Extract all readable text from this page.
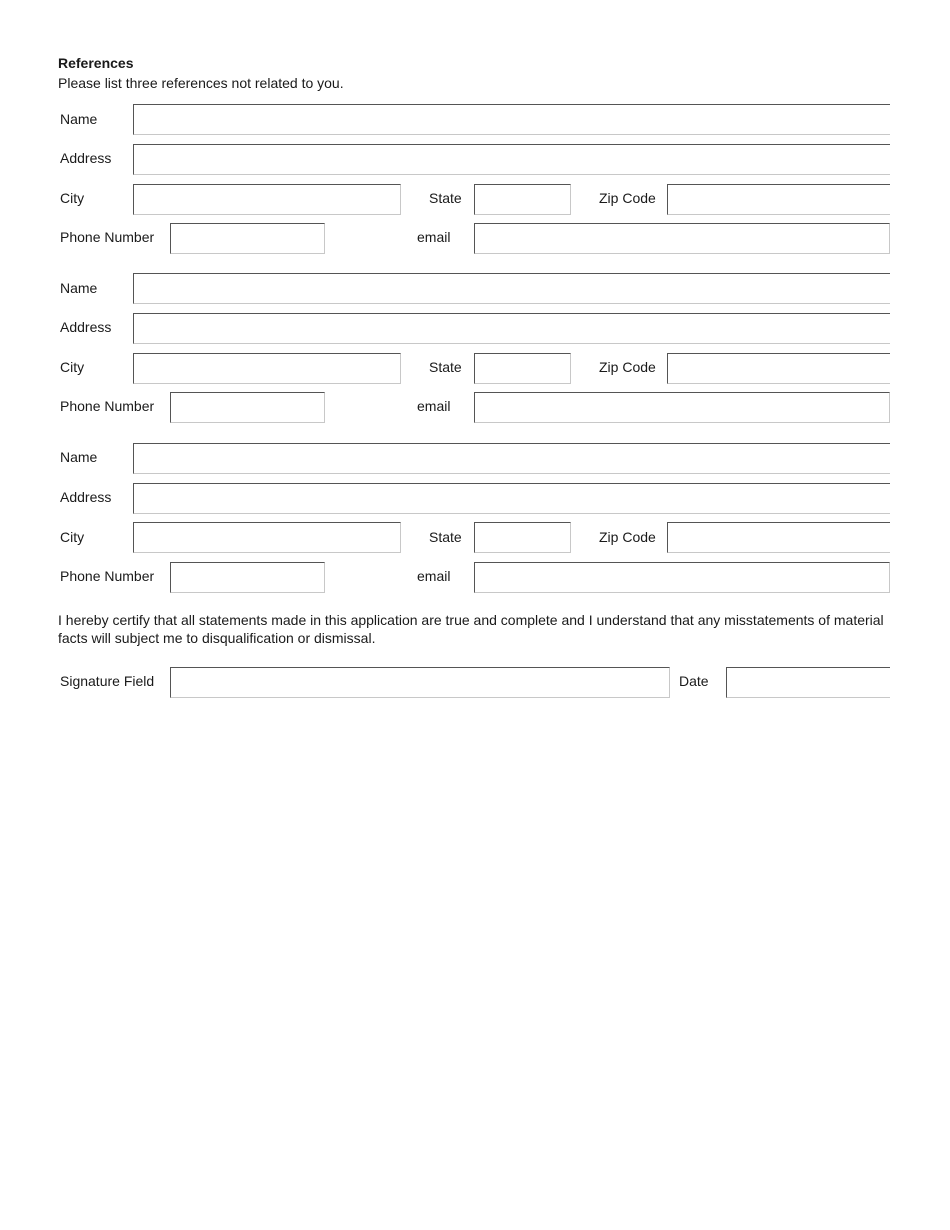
References
Please list three references not related to you.
Name
Address
City	State	Zip Code
Phone Number	email
Name
Address
City	State	Zip Code
Phone Number	email
Name
Address
City	State	Zip Code
Phone Number	email
I hereby certify that all statements made in this application are true and complete and I understand that any misstatements of material facts will subject me to disqualification or dismissal.
Signature Field	Date
